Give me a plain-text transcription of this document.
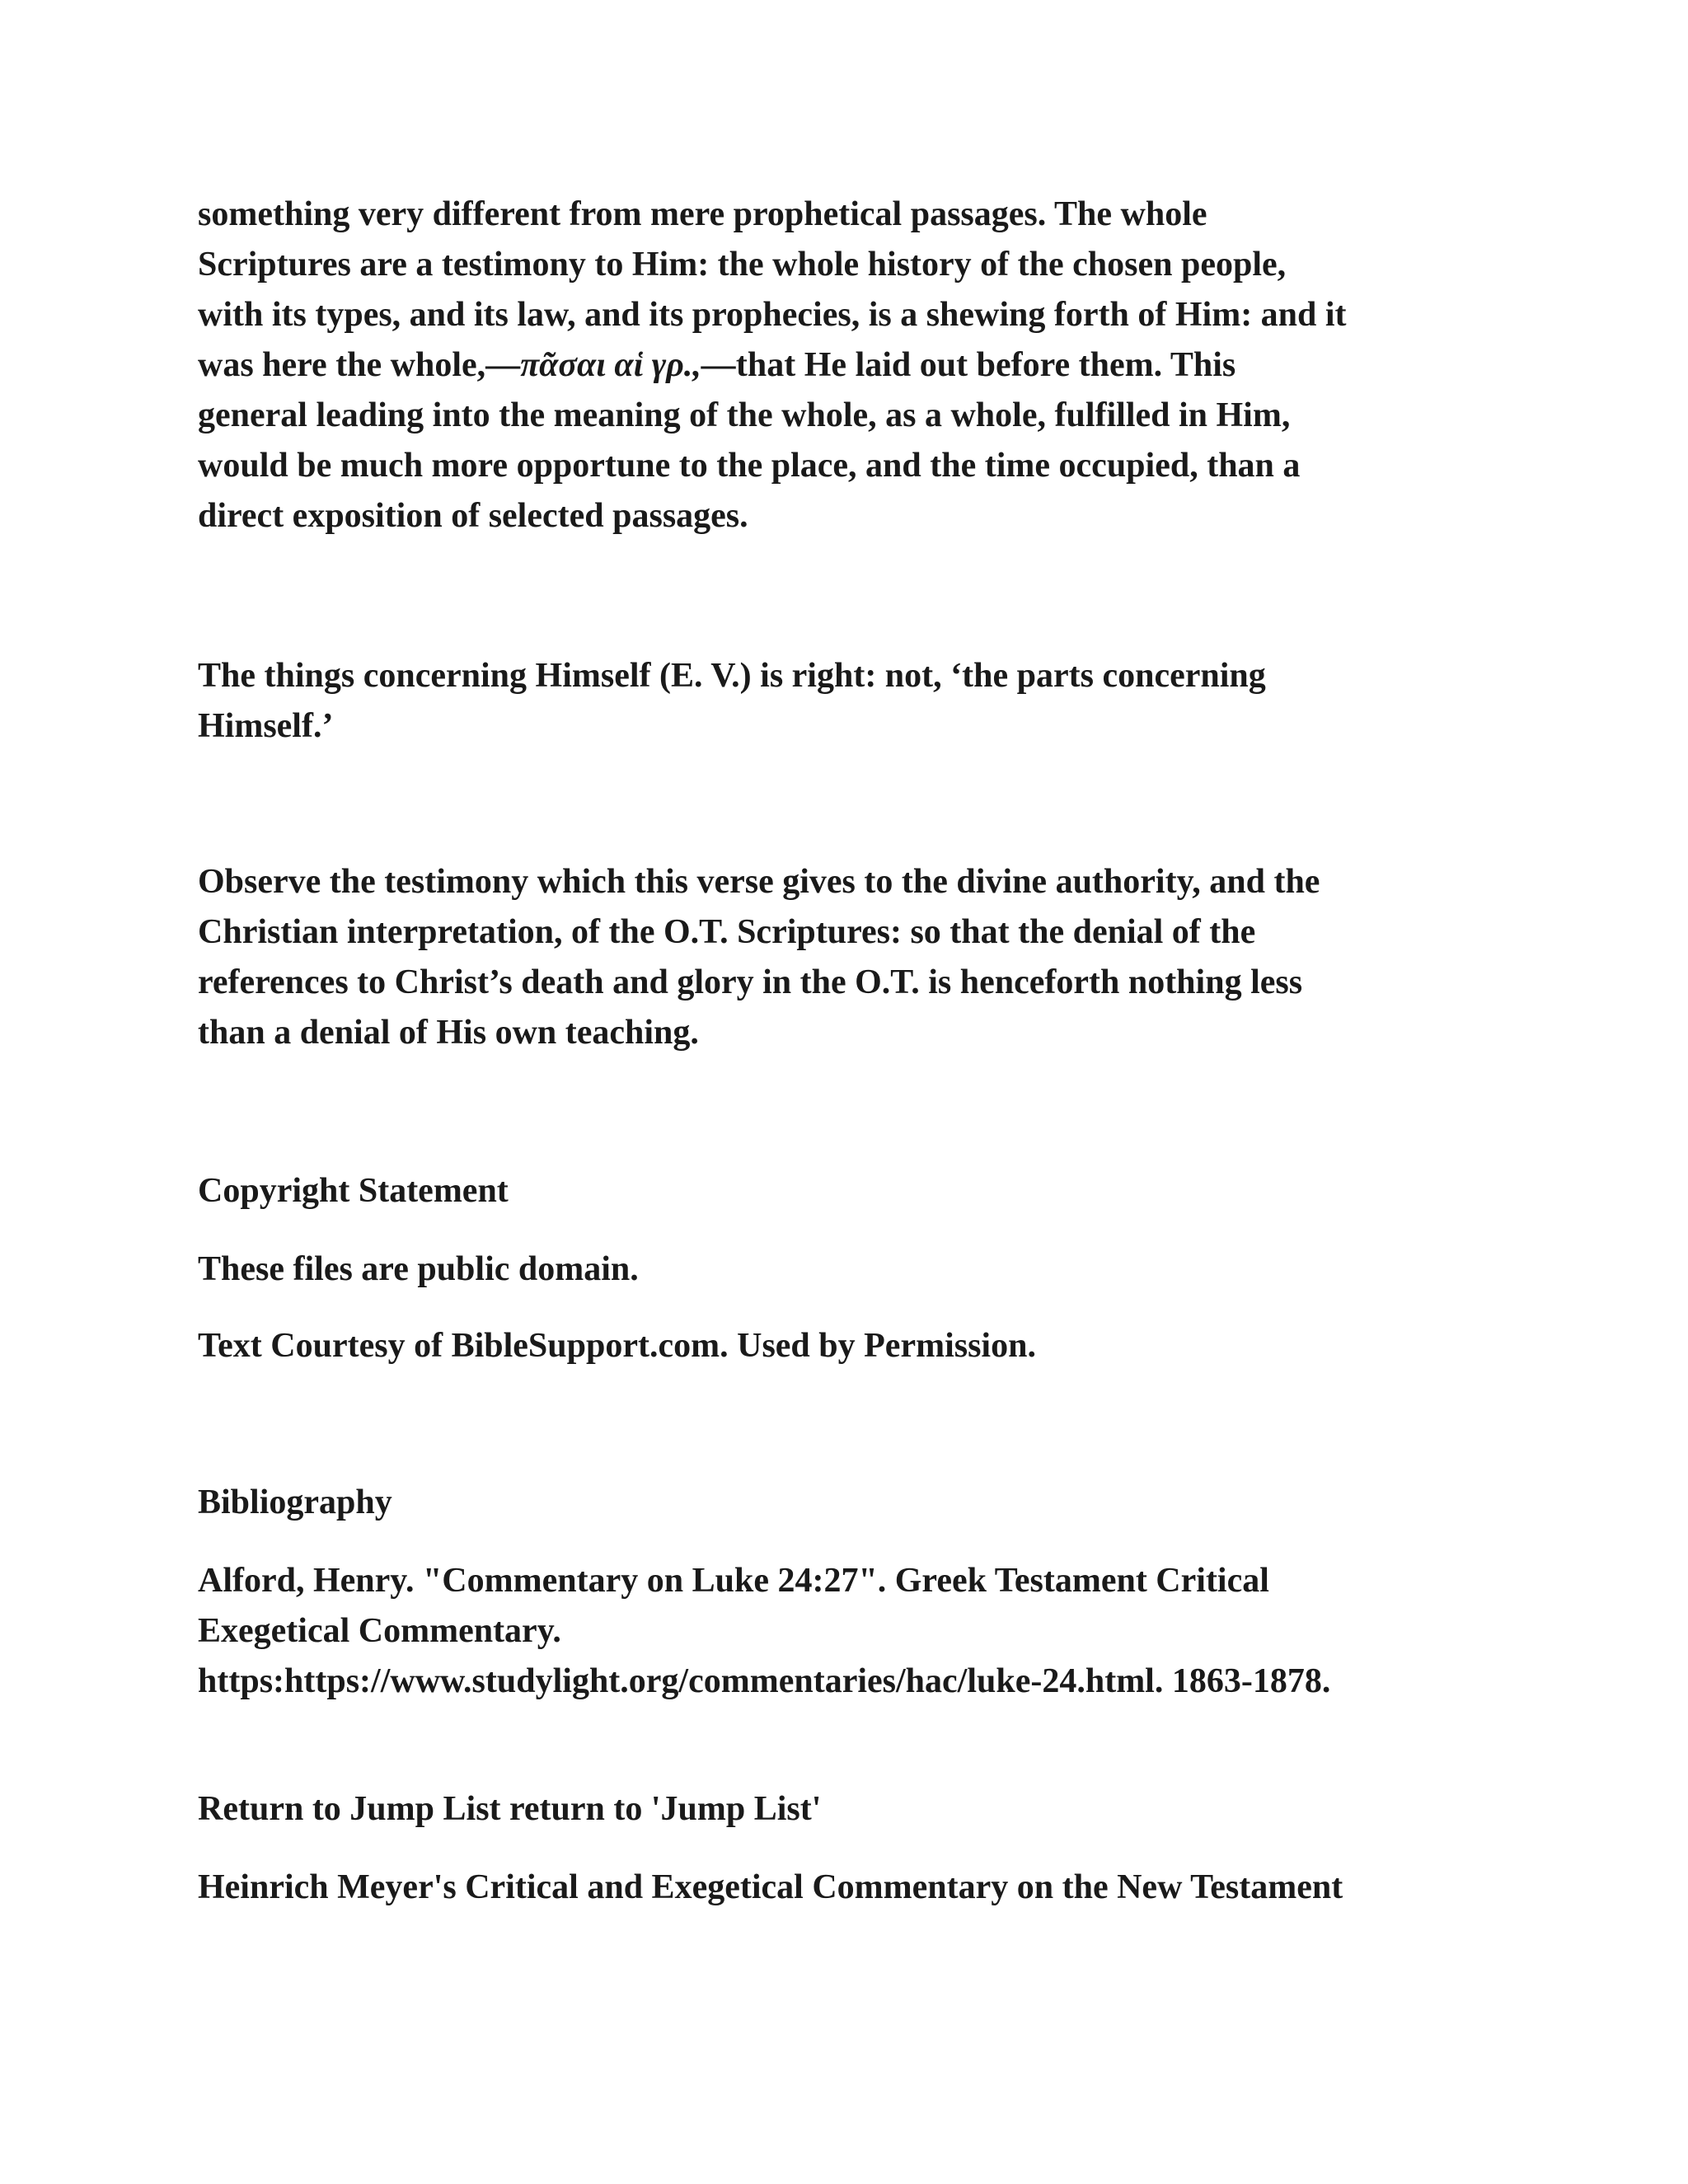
something very different from mere prophetical passages. The whole
Scriptures are a testimony to Him: the whole history of the chosen people,
with its types, and its law, and its prophecies, is a shewing forth of Him: and it
was here the whole,—πᾶσαι αἱ γρ.,—that He laid out before them. This
general leading into the meaning of the whole, as a whole, fulfilled in Him,
would be much more opportune to the place, and the time occupied, than a
direct exposition of selected passages.
The things concerning Himself (E. V.) is right: not, ‘the parts concerning
Himself.’
Observe the testimony which this verse gives to the divine authority, and the
Christian interpretation, of the O.T. Scriptures: so that the denial of the
references to Christ’s death and glory in the O.T. is henceforth nothing less
than a denial of His own teaching.
Copyright Statement
These files are public domain.
Text Courtesy of BibleSupport.com. Used by Permission.
Bibliography
Alford, Henry. "Commentary on Luke 24:27". Greek Testament Critical
Exegetical Commentary.
https:https://www.studylight.org/commentaries/hac/luke-24.html. 1863-1878.
Return to Jump List return to 'Jump List'
Heinrich Meyer's Critical and Exegetical Commentary on the New Testament
